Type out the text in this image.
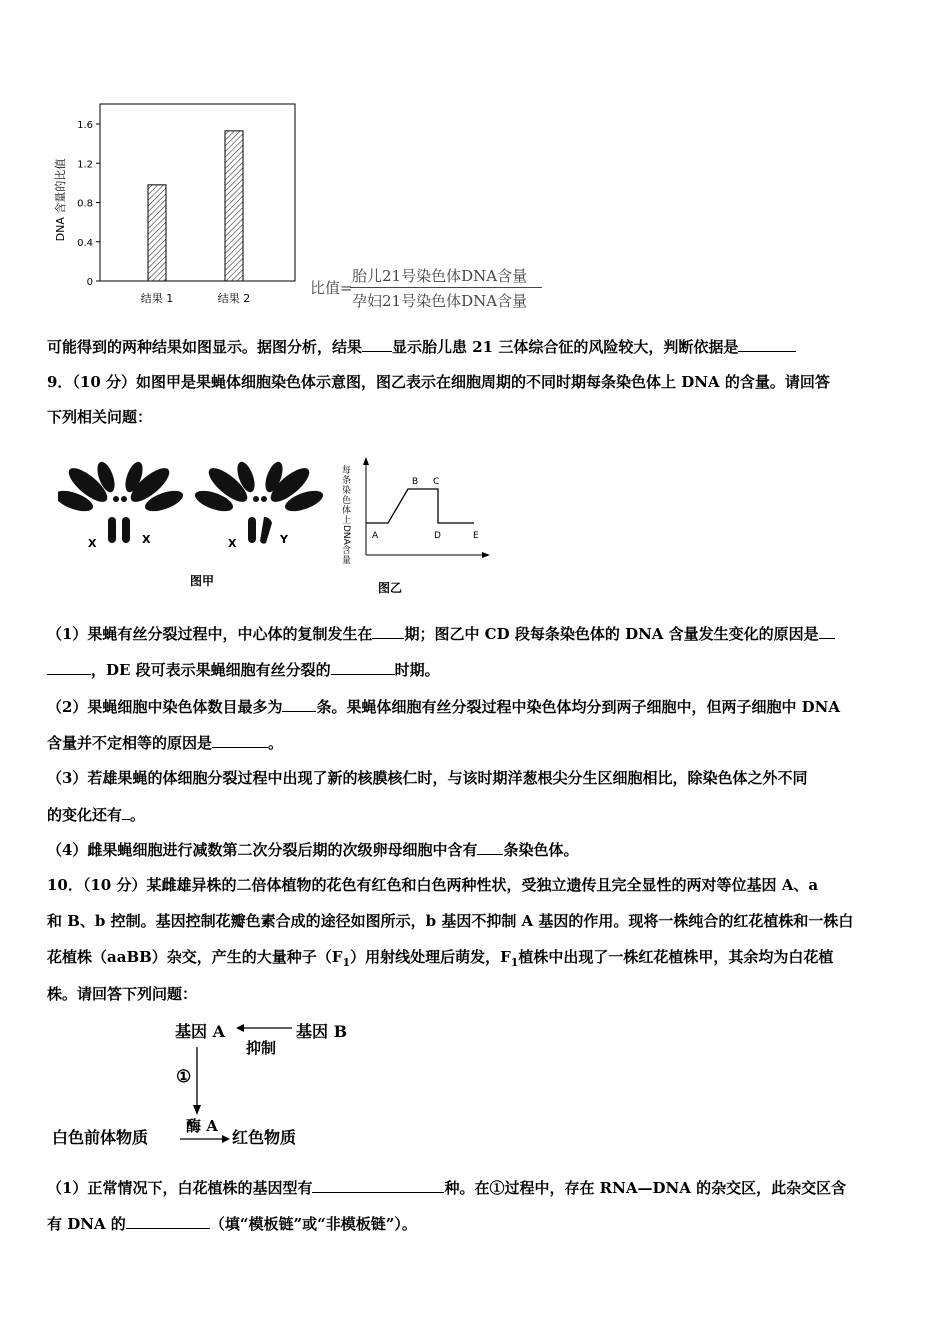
0
0.4
0.8
1.2
1.6
结果 1	结果 2
DNA 含量的比值
比值=
胎儿21号染色体DNA含量
孕妇21号染色体DNA含量
可能得到的两种结果如图显示。据图分析，结果 显示胎儿患 21 三体综合征的风险较大，判断依据是
9．（10 分）如图甲是果蝇体细胞染色体示意图，图乙表示在细胞周期的不同时期每条染色体上 DNA 的含量。请回答
下列相关问题：
X	X	X	Y
图甲
每
条
染
色
体
上
DNA
含
量
A
B C
D	E
图乙
（1）果蝇有丝分裂过程中，中心体的复制发生在 期；图乙中 CD 段每条染色体的 DNA 含量发生变化的原因是
，DE 段可表示果蝇细胞有丝分裂的	时期。
（2）果蝇细胞中染色体数目最多为 条。果蝇体细胞有丝分裂过程中染色体均分到两子细胞中，但两子细胞中 DNA
含量并不定相等的原因是	。
（3）若雄果蝇的体细胞分裂过程中出现了新的核膜核仁时，与该时期洋葱根尖分生区细胞相比，除染色体之外不同
的变化还有 。
（4）雌果蝇细胞进行减数第二次分裂后期的次级卵母细胞中含有 条染色体。
10．（10 分）某雌雄异株的二倍体植物的花色有红色和白色两种性状，受独立遗传且完全显性的两对等位基因 A、a
和 B、b 控制。基因控制花瓣色素合成的途径如图所示，b 基因不抑制 A 基因的作用。现将一株纯合的红花植株和一株白
花植株（aaBB）杂交，产生的大量种子$(F_1)$用射线处理后萌发，$F_1$植株中出现了一株红花植株甲，其余均为白花植
株。请回答下列问题：
基因 A	基因 B
抑制
①
白色前体物质
酶 A
红色物质
（1）正常情况下，白花植株的基因型有	种。在①过程中，存在 RNA—DNA 的杂交区，此杂交区含
有 DNA 的	（填“模板链”或“非模板链”）。
